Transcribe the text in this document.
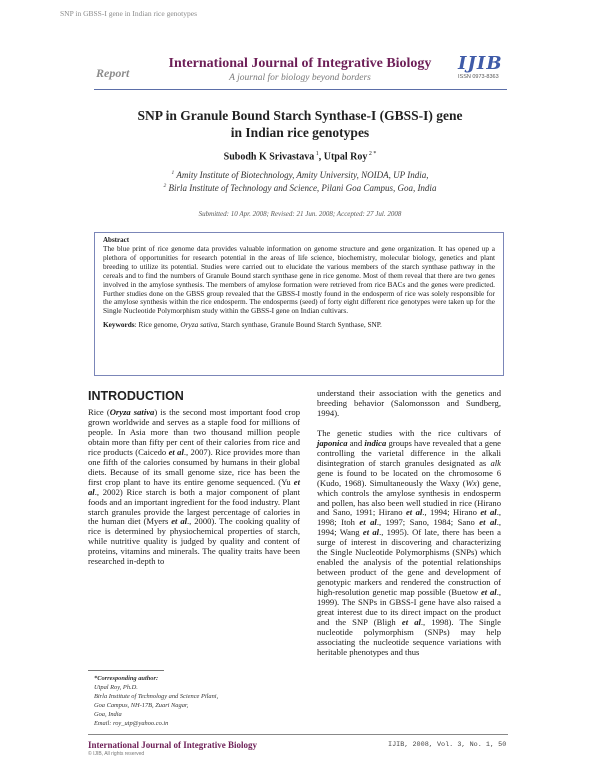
SNP in GBSS-I gene in Indian rice genotypes
Report
International Journal of Integrative Biology
A journal for biology beyond borders
IJIB
ISSN 0973-8363
SNP in Granule Bound Starch Synthase-I (GBSS-I) gene
in Indian rice genotypes
Subodh K Srivastava $^1$, Utpal Roy $^{2 *}$
$^1$ Amity Institute of Biotechnology, Amity University, NOIDA, UP India,
$^2$ Birla Institute of Technology and Science, Pilani Goa Campus, Goa, India
Submitted: 10 Apr. 2008; Revised: 21 Jun. 2008; Accepted: 27 Jul. 2008
Abstract
The blue print of rice genome data provides valuable information on genome structure and gene organization. It has opened up a plethora of opportunities for research potential in the areas of life science, biochemistry, molecular biology, genetics and plant breeding to utilize its potential. Studies were carried out to elucidate the various members of the starch synthase pathway in the cereals and to find the numbers of Granule Bound starch synthase gene in rice genome. Most of them reveal that there are two genes involved in the amylose synthesis. The members of amylose formation were retrieved from rice BACs and the genes were predicted. Further studies done on the GBSS group revealed that the GBSS-I mostly found in the endosperm of rice was solely responsible for the amylose synthesis within the rice endosperm. The endosperms (seed) of forty eight different rice genotypes were taken up for the Single Nucleotide Polymorphism study within the GBSS-I gene on Indian cultivars.
Keywords: Rice genome, Oryza sativa, Starch synthase, Granule Bound Starch Synthase, SNP.
INTRODUCTION

Rice (Oryza sativa) is the second most important food crop grown worldwide and serves as a staple food for millions of people. In Asia more than two thousand million people obtain more than fifty per cent of their calories from rice and rice products (Caicedo et al., 2007). Rice provides more than one fifth of the calories consumed by humans in their global diets. Because of its small genome size, rice has been the first crop plant to have its entire genome sequenced. (Yu et al., 2002) Rice starch is both a major component of plant foods and an important ingredient for the food industry. Plant starch granules provide the largest percentage of calories in the human diet (Myers et al., 2000). The cooking quality of rice is determined by physiochemical properties of starch, while nutritive quality is judged by quality and content of proteins, vitamins and minerals. The quality traits have been researched in-depth to

*Corresponding author:
Utpal Roy, Ph.D.
Birla Institute of Technology and Science Pilani,
Goa Campus, NH-17B, Zuari Nagar,
Goa, India
Email: roy_utp@yahoo.co.in

understand their association with the genetics and breeding behavior (Salomonsson and Sundberg, 1994).

The genetic studies with the rice cultivars of japonica and indica groups have revealed that a gene controlling the varietal difference in the alkali disintegration of starch granules designated as alk gene is found to be located on the chromosome 6 (Kudo, 1968). Simultaneously the Waxy (Wx) gene, which controls the amylose synthesis in endosperm and pollen, has also been well studied in rice (Hirano and Sano, 1991; Hirano et al., 1994; Hirano et al., 1998; Itoh et al., 1997; Sano, 1984; Sano et al., 1994; Wang et al., 1995). Of late, there has been a surge of interest in discovering and characterizing the Single Nucleotide Polymorphisms (SNPs) which enabled the analysis of the potential relationships between product of the gene and development of genotypic markers and rendered the construction of high-resolution genetic map possible (Buetow et al., 1999). The SNPs in GBSS-I gene have also raised a great interest due to its direct impact on the product and the SNP (Bligh et al., 1998). The Single nucleotide polymorphism (SNPs) may help associating the nucleotide sequence variations with heritable phenotypes and thus

International Journal of Integrative Biology
© IJIB, All rights reserved
IJIB, 2008, Vol. 3, No. 1, 50
